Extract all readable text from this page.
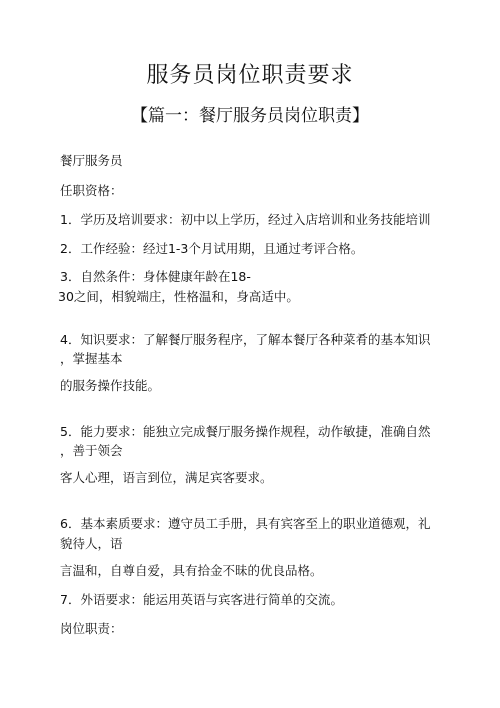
服务员岗位职责要求
【篇一：餐厅服务员岗位职责】
餐厅服务员
任职资格：
1．学历及培训要求：初中以上学历，经过入店培训和业务技能培训
2．工作经验：经过1-3个月试用期，且通过考评合格。
3．自然条件：身体健康年龄在18-
30之间，相貌端庄，性格温和，身高适中。
4．知识要求：了解餐厅服务程序，了解本餐厅各种菜肴的基本知识
，掌握基本
的服务操作技能。
5．能力要求：能独立完成餐厅服务操作规程，动作敏捷，准确自然
，善于领会
客人心理，语言到位，满足宾客要求。
6．基本素质要求：遵守员工手册，具有宾客至上的职业道德观，礼
貌待人，语
言温和，自尊自爱，具有拾金不昧的优良品格。
7．外语要求：能运用英语与宾客进行简单的交流。
岗位职责：
